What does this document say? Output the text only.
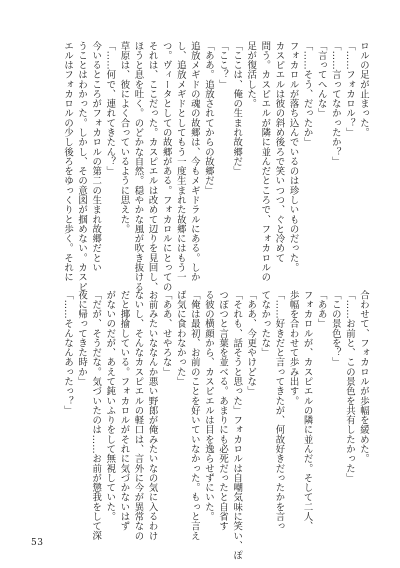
ロルの足が止まった。
「……フォカロル？」
「……言ってなかったか？」
「言ってへんな」
「……そう、だったか」
フォカロルが落ち込んでいるのは珍しいものだった。
カスピエルは彼の斜め後ろで笑いつつ、ぐと冷めて
問う。カスピエルが隣に並んだところで、フォカロルの
足が復活した。
「ここは、俺の生まれ故郷だ」
「ここ？」
「ああ。追放されてからの故郷だ」
追放メギドの魂の故郷は、今もメギドラルにある。しか
し、追放メギドとしてもう一度生まれた故郷にはもう一
つ。ヴィータとしての故郷がある。フォカロルにとっての
それは、ここだった。カスピエルは改めて辺りを見回し、
ほうと息を吐く。のどかな自然。穏やかな風が吹き抜ける
草原は、彼によく合っているように思えた。
「……何で、連れてきたん？」
今いるところがフォカロルの第二の生まれ故郷だとい
うことはわかった。しかし、その意図が掴めない。カスピ
エルはフォカロルの少し後ろをゆっくりと歩く。それに
合わせて、フォカロルが歩幅を緩めた。
「……お前と、この景色を共有したかった」
「この景色を？」
「ああ」
フォカロルが、カスピエルの隣に並んだ。そして二人、
歩幅を合わせて歩み出す。
「……好きだと言ってきたが、何故好きだったかを言っ
てなかったな」
「ああ、今更やけどな」
「それも、話そうと思った」フォカロルは自嘲気味に笑い、ぽ
つぽつと言葉を並べる。あまりにも必死だったと自省す
る彼の横顔から、カスピエルは目を逸らせずにいた。
「俺は最初、お前のことを好いていなかった。もっと言え
ば気に食わなかった」
「ああ、せやろな」
お前みたいななんか悪い野郎が俺みたいなの気に入るわけ
ないし、そんなカスピエルの軽口は、言外に今が異常なの
だと揶揄している。フォカロルがそれに気づかないはず
がないのだが、あえて鈍いふりをして無視していた。
「だが、そうだな。気づいたのは……お前が懲我をして深
夜に帰ってきた時か」
「……そんなんあったっ？」
53
